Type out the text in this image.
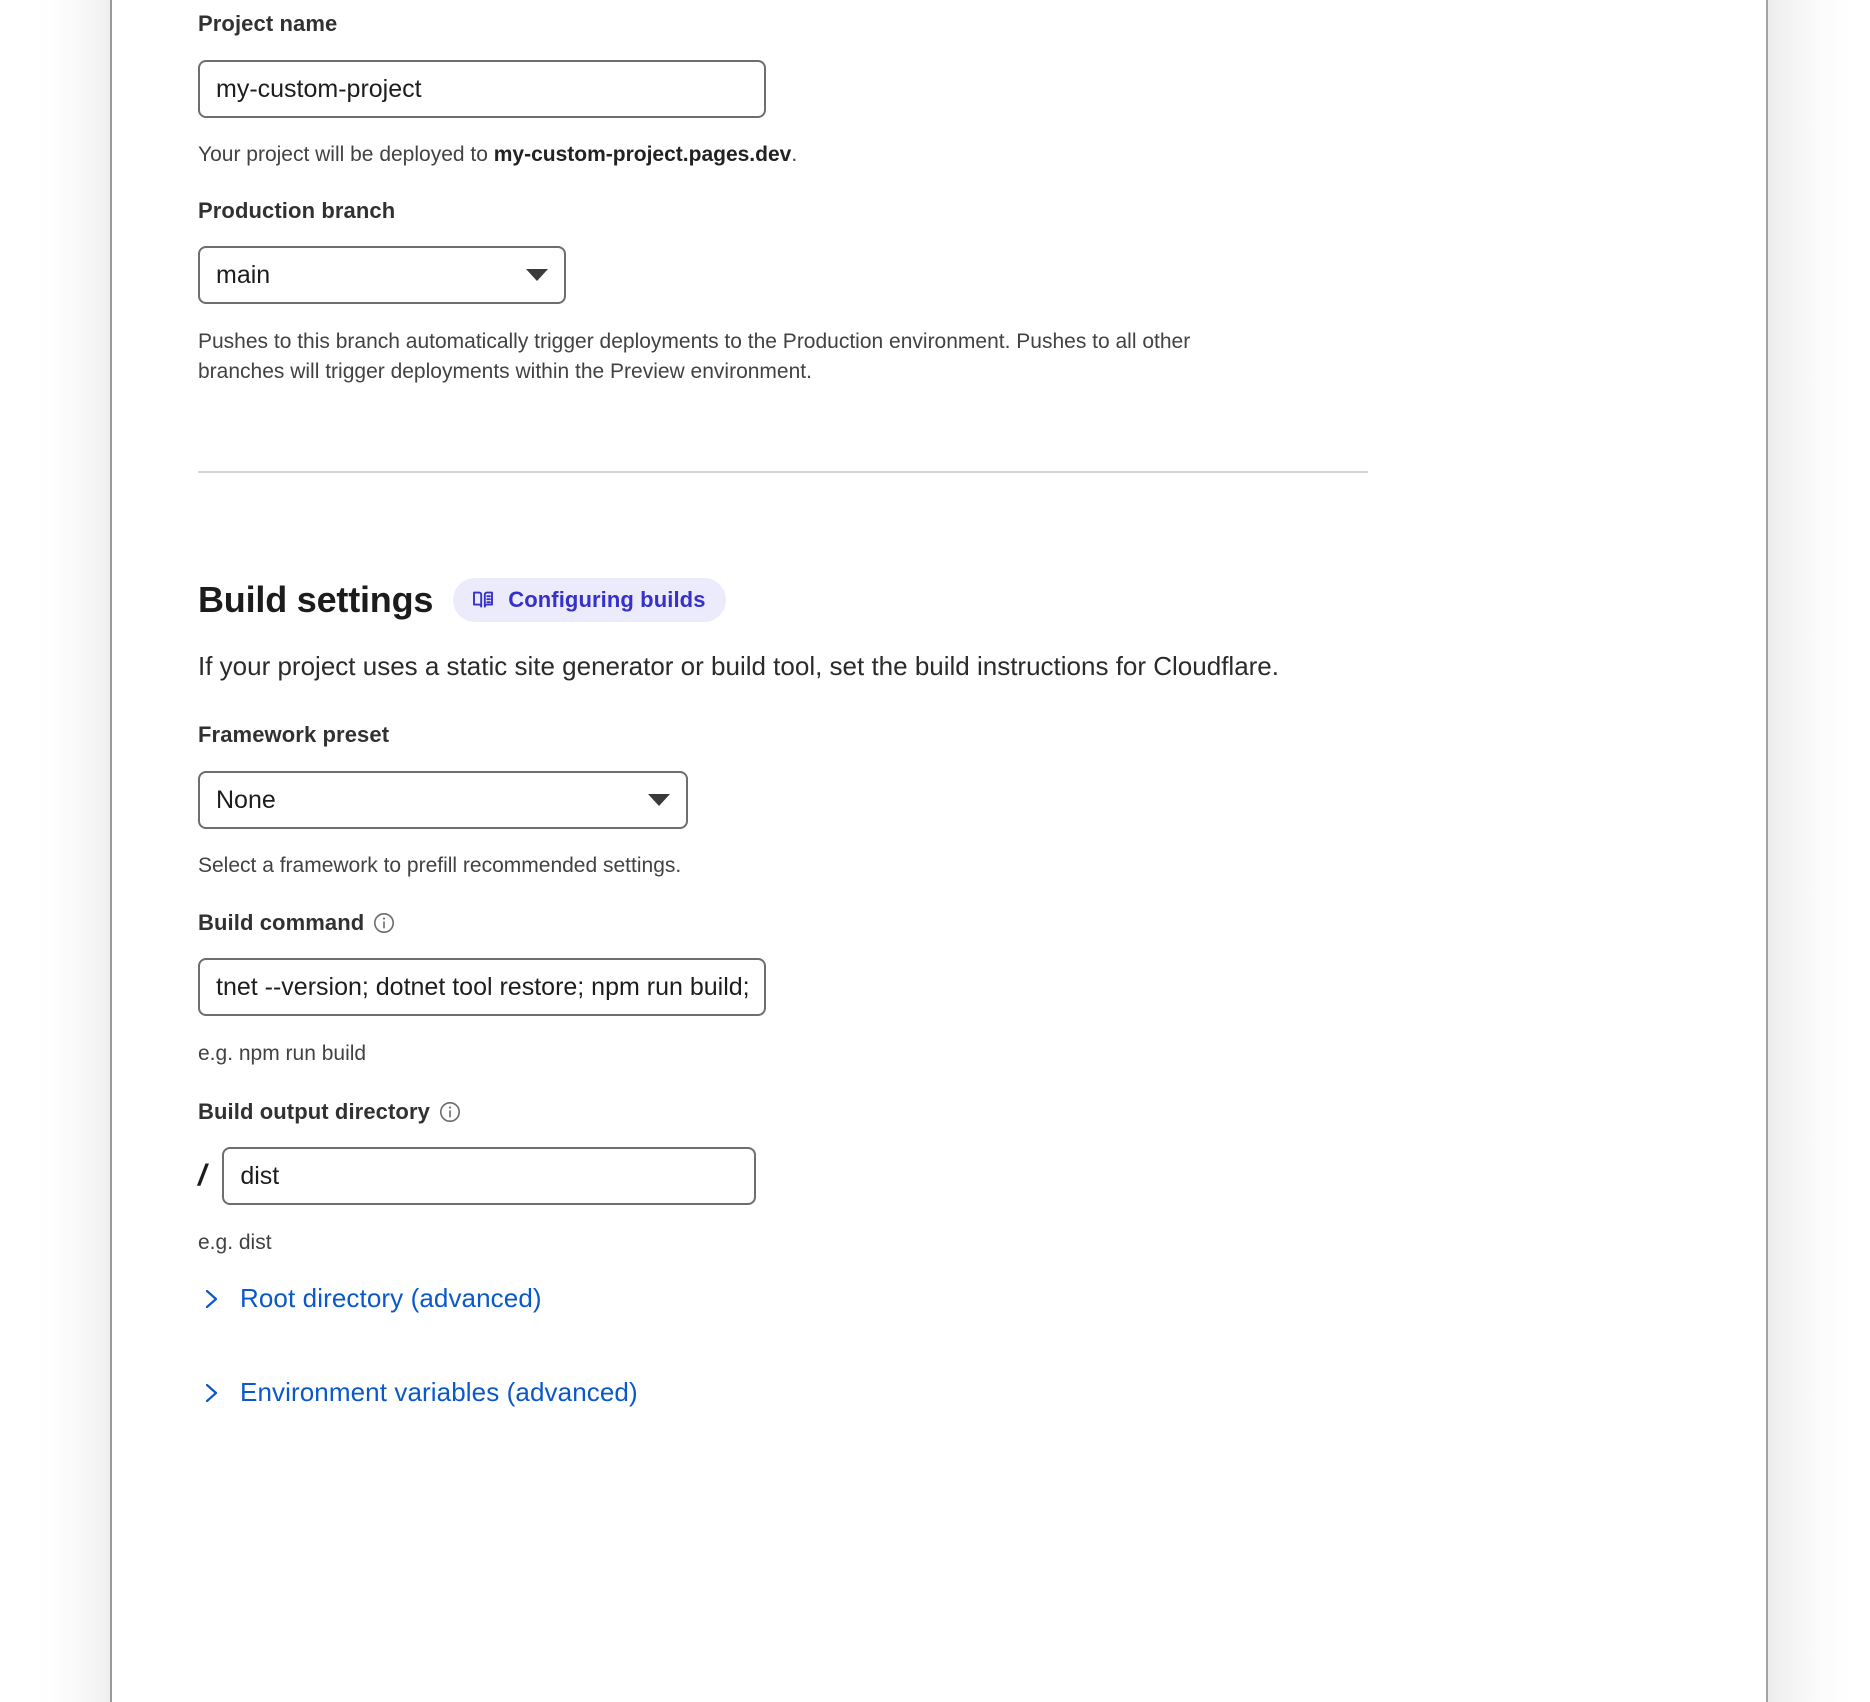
Project name
my-custom-project
Your project will be deployed to my-custom-project.pages.dev.
Production branch
main
Pushes to this branch automatically trigger deployments to the Production environment. Pushes to all other branches will trigger deployments within the Preview environment.
Build settings	Configuring builds
If your project uses a static site generator or build tool, set the build instructions for Cloudflare.
Framework preset
None
Select a framework to prefill recommended settings.
Build command
tnet --version; dotnet tool restore; npm run build;
e.g. npm run build
Build output directory
/
dist
e.g. dist
Root directory (advanced)
Environment variables (advanced)
